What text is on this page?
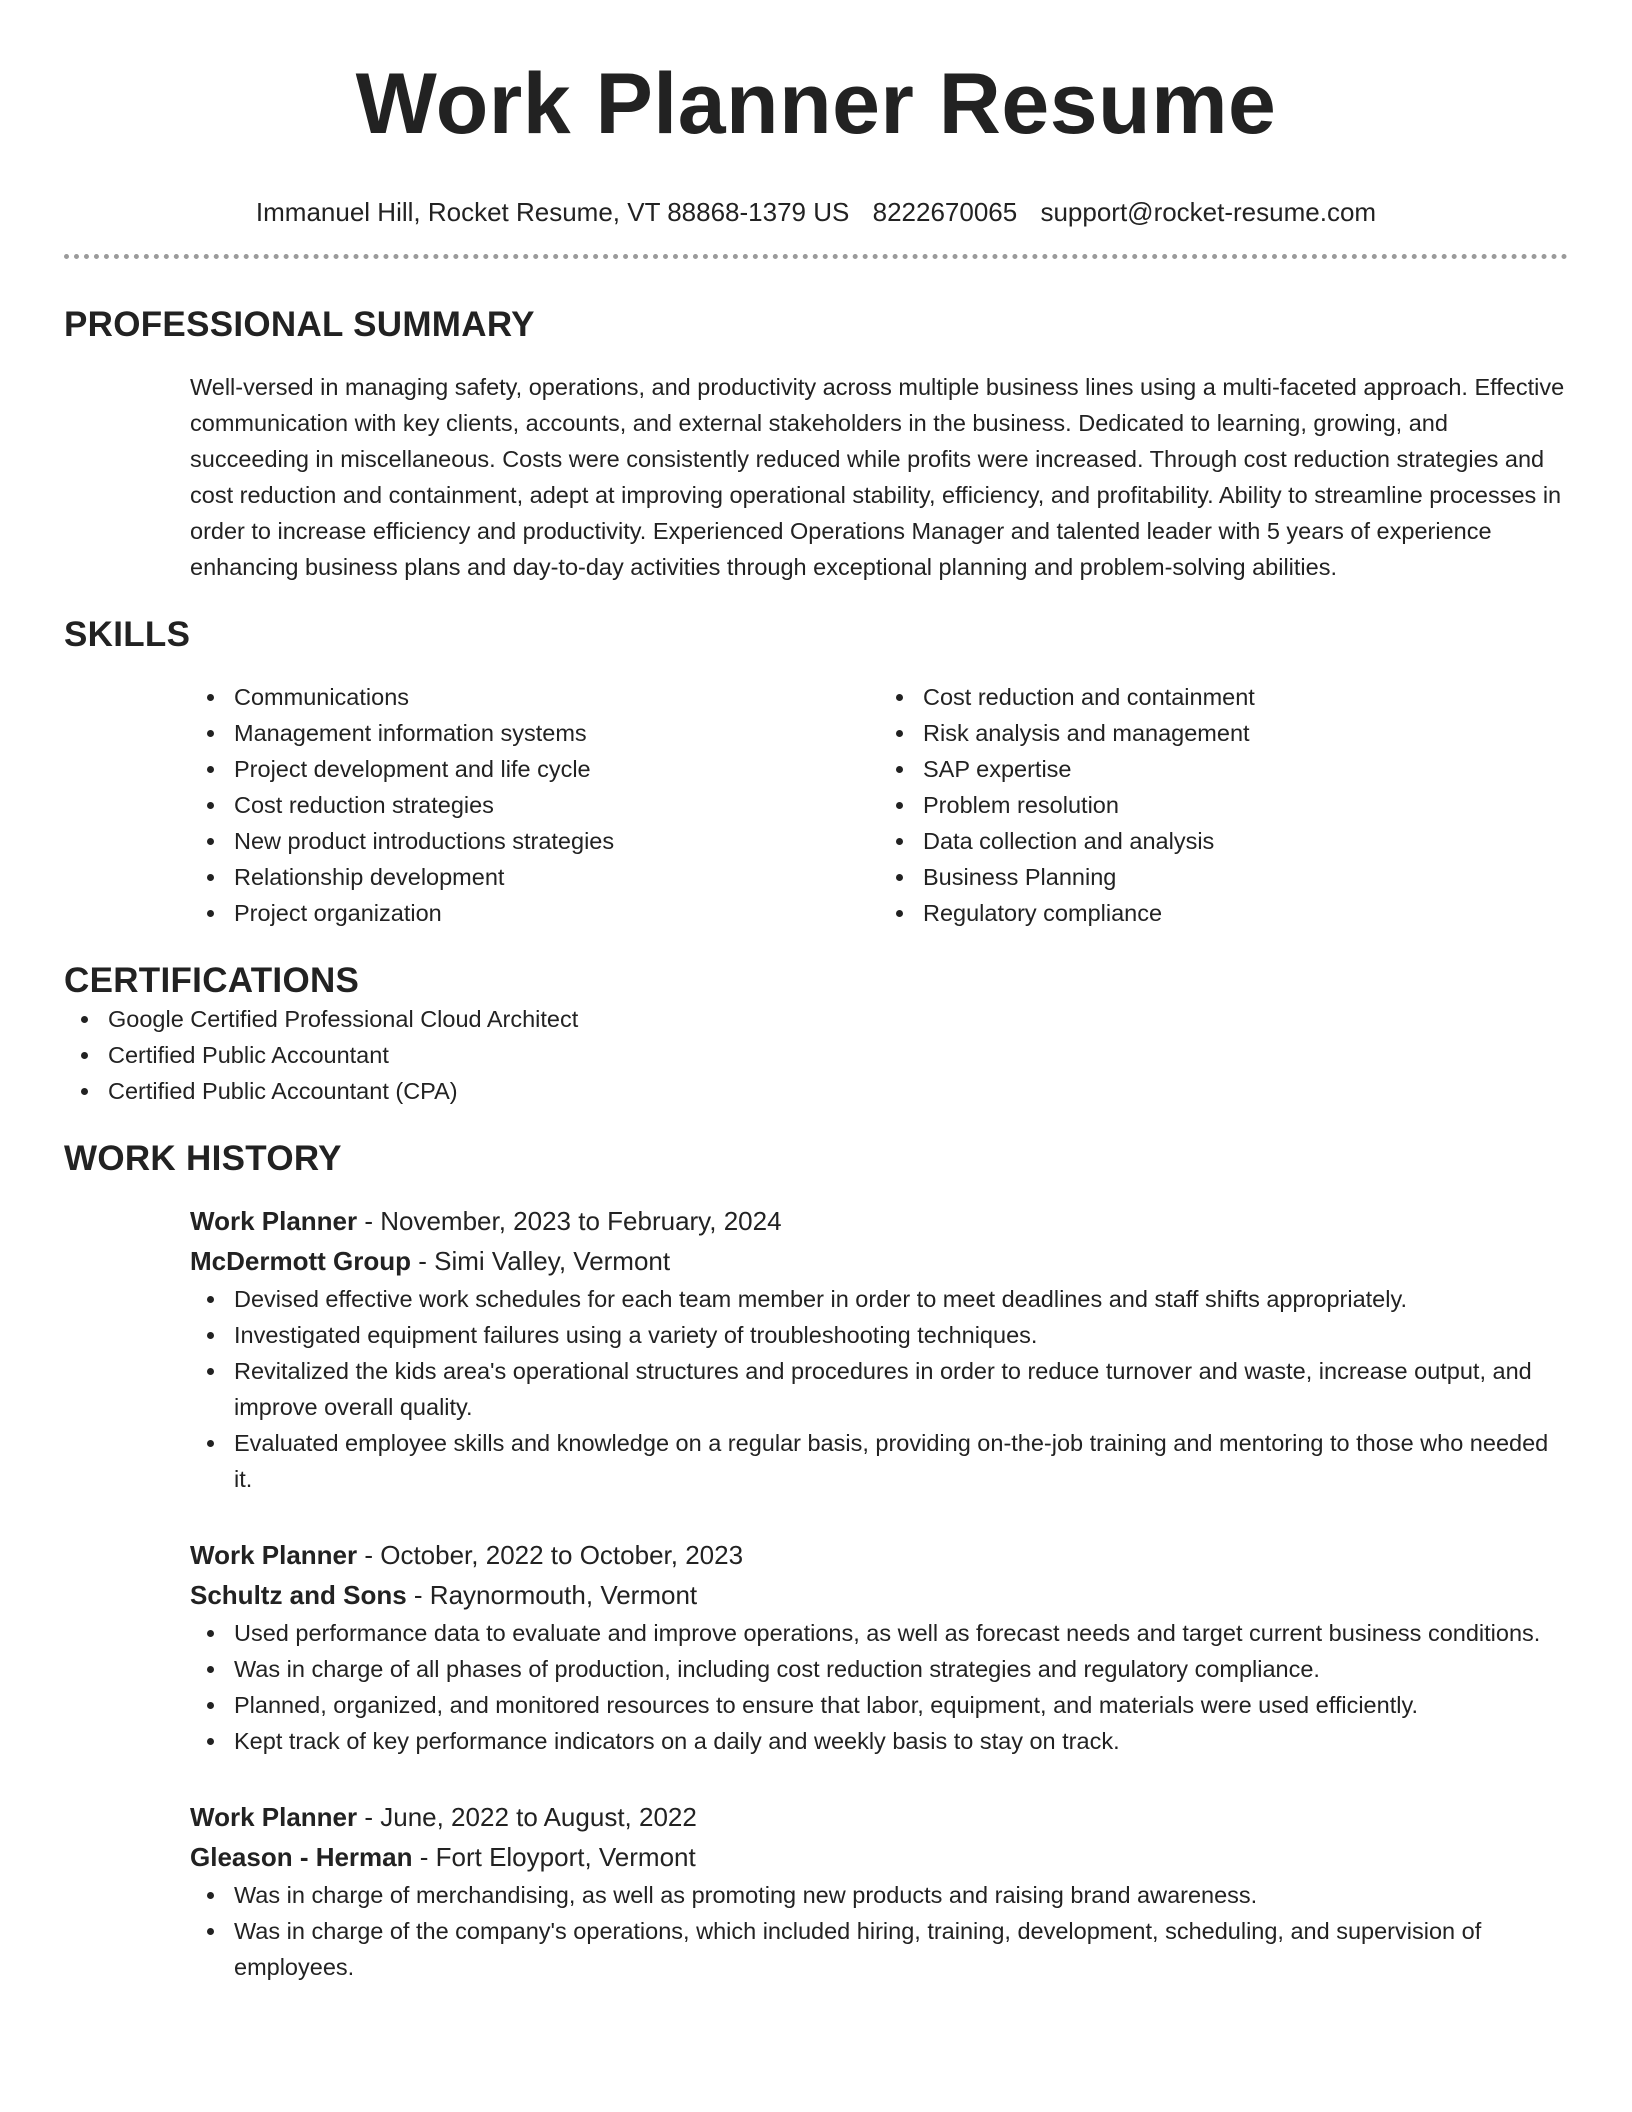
Work Planner Resume
Immanuel Hill, Rocket Resume, VT 88868-1379 US 8222670065 support@rocket-resume.com
PROFESSIONAL SUMMARY

Well-versed in managing safety, operations, and productivity across multiple business lines using a multi-faceted approach. Effective communication with key clients, accounts, and external stakeholders in the business. Dedicated to learning, growing, and succeeding in miscellaneous. Costs were consistently reduced while profits were increased. Through cost reduction strategies and cost reduction and containment, adept at improving operational stability, efficiency, and profitability. Ability to streamline processes in order to increase efficiency and productivity. Experienced Operations Manager and talented leader with 5 years of experience enhancing business plans and day-to-day activities through exceptional planning and problem-solving abilities.

SKILLS
Communications
Management information systems
Project development and life cycle
Cost reduction strategies
New product introductions strategies
Relationship development
Project organization
Cost reduction and containment
Risk analysis and management
SAP expertise
Problem resolution
Data collection and analysis
Business Planning
Regulatory compliance
CERTIFICATIONS
Google Certified Professional Cloud Architect
Certified Public Accountant
Certified Public Accountant (CPA)
WORK HISTORY
Work Planner - November, 2023 to February, 2024
McDermott Group - Simi Valley, Vermont
Devised effective work schedules for each team member in order to meet deadlines and staff shifts appropriately.
Investigated equipment failures using a variety of troubleshooting techniques.
Revitalized the kids area's operational structures and procedures in order to reduce turnover and waste, increase output, and improve overall quality.
Evaluated employee skills and knowledge on a regular basis, providing on-the-job training and mentoring to those who needed it.
Work Planner - October, 2022 to October, 2023
Schultz and Sons - Raynormouth, Vermont
Used performance data to evaluate and improve operations, as well as forecast needs and target current business conditions.
Was in charge of all phases of production, including cost reduction strategies and regulatory compliance.
Planned, organized, and monitored resources to ensure that labor, equipment, and materials were used efficiently.
Kept track of key performance indicators on a daily and weekly basis to stay on track.
Work Planner - June, 2022 to August, 2022
Gleason - Herman - Fort Eloyport, Vermont
Was in charge of merchandising, as well as promoting new products and raising brand awareness.
Was in charge of the company's operations, which included hiring, training, development, scheduling, and supervision of employees.
